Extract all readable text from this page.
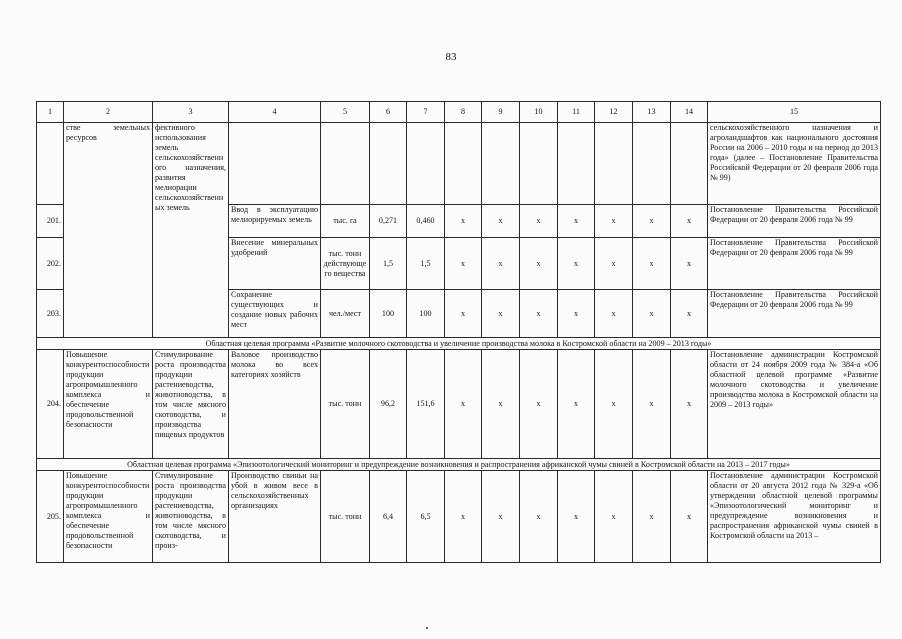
83
1	2	3	4	5	6	7	8	9	10	11	12	13	14	15
	стве земельных ресурсов	фективного использования земель сельскохозяйственного назначения, развития мелиорации сельскохозяйственных земель												сельскохозяйственного назначения и агроландшафтов как национального достояния России на 2006 – 2010 годы и на период до 2013 года» (далее – Постановление Правительства Российской Федерации от 20 февраля 2006 года № 99)
201.			Ввод в эксплуатацию мелиорируемых земель	тыс. га	0,271	0,460	x	x	x	x	x	x	x	Постановление Правительства Российской Федерации от 20 февраля 2006 года № 99
202.			Внесение минеральных удобрений	тыс. тонн действующего вещества	1,5	1,5	x	x	x	x	x	x	x	Постановление Правительства Российской Федерации от 20 февраля 2006 года № 99
203.			Сохранение существующих и создание новых рабочих мест	чел./мест	100	100	x	x	x	x	x	x	x	Постановление Правительства Российской Федерации от 20 февраля 2006 года № 99
Областная целевая программа «Развитие молочного скотоводства и увеличение производства молока в Костромской области на 2009 – 2013 годы»														
204.	Повышение конкурентоспособности продукции агропромышленного комплекса и обеспечение продовольственной безопасности	Стимулирование роста производства продукции растениеводства, животноводства, в том числе мясного скотоводства, и производства пищевых продуктов	Валовое производство молока во всех категориях хозяйств	тыс. тонн	96,2	151,6	x	x	x	x	x	x	x	Постановление администрации Костромской области от 24 ноября 2009 года № 384-а «Об областной целевой программе «Развитие молочного скотоводства и увеличение производства молока в Костромской области на 2009 – 2013 годы»
Областная целевая программа «Эпизоотологический мониторинг и предупреждение возникновения и распространения африканской чумы свиней в Костромской области на 2013 – 2017 годы»														
205.	Повышение конкурентоспособности продукции агропромышленного комплекса и обеспечение продовольственной безопасности	Стимулирование роста производства продукции растениеводства, животноводства, в том числе мясного скотоводства, и произ-	Производство свиньи на убой в живом весе в сельскохозяйственных организациях	тыс. тонн	6,4	6,5	x	x	x	x	x	x	x	Постановление администрации Костромской области от 20 августа 2012 года № 329-а «Об утверждении областной целевой программы «Эпизоотологический мониторинг и предупреждение возникновения и распространения африканской чумы свиней в Костромской области на 2013 –
